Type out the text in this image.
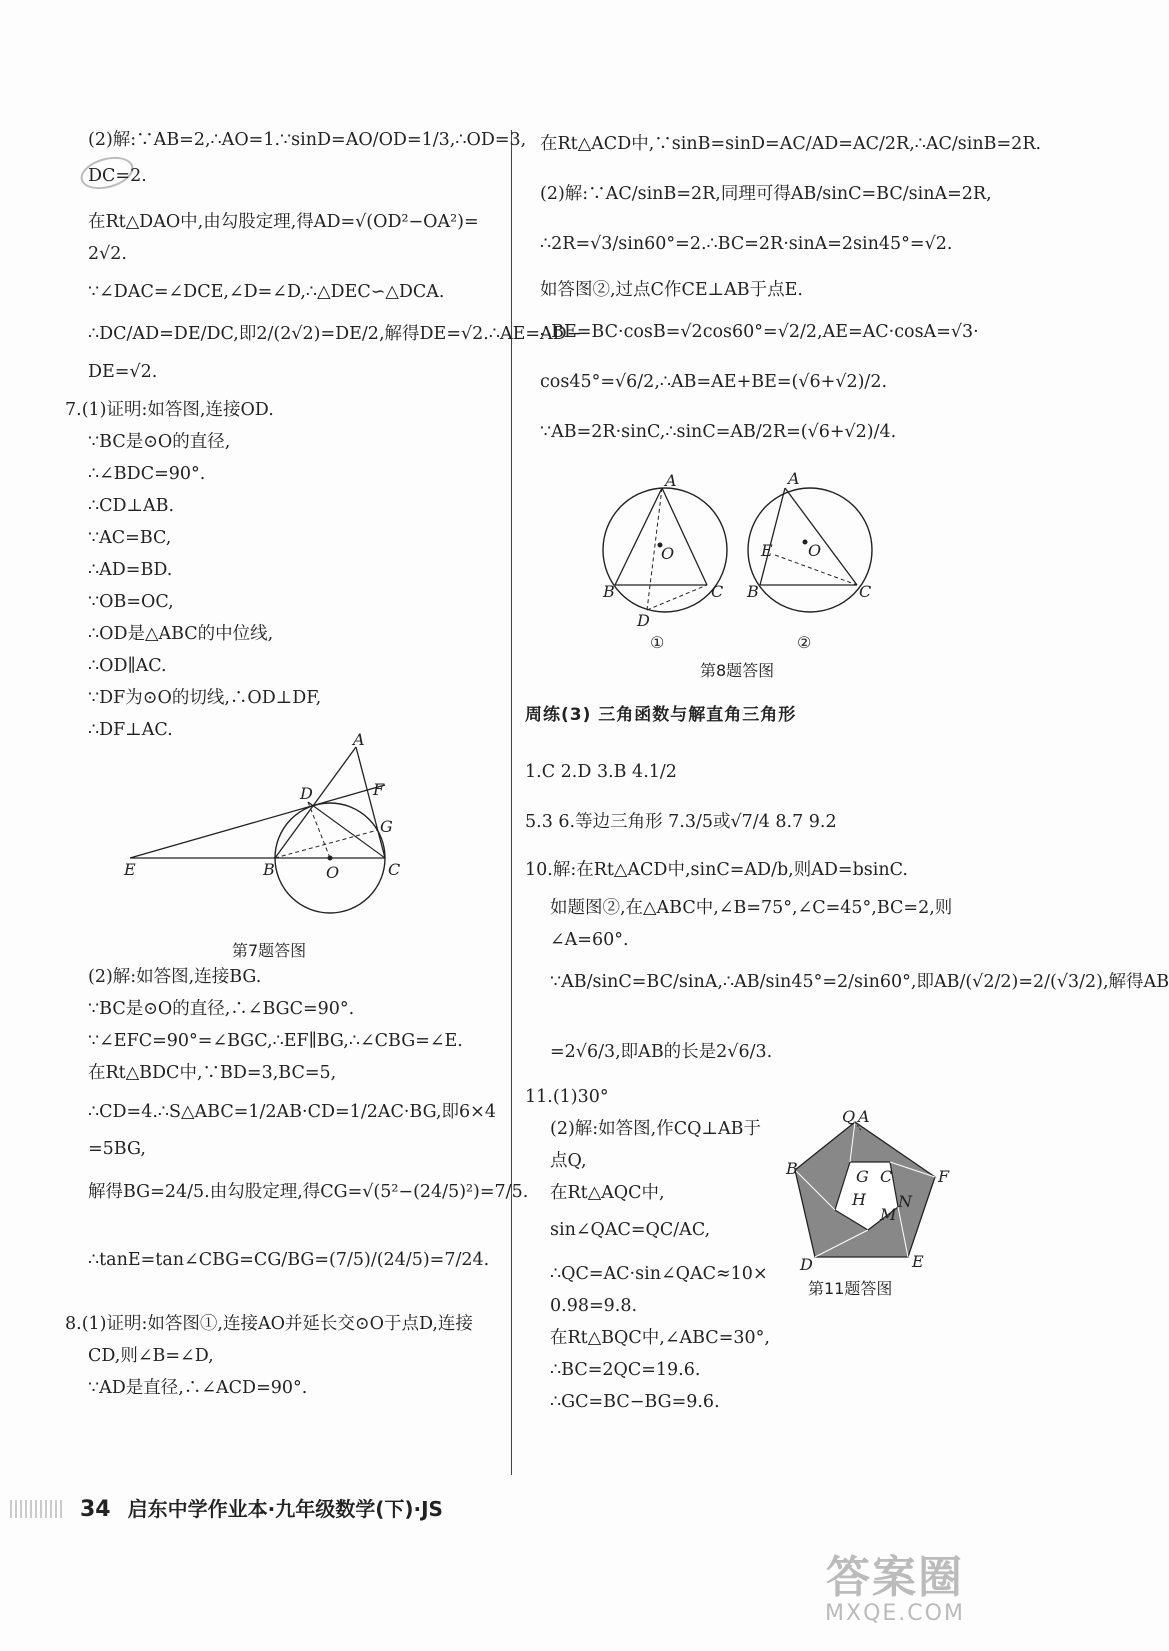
(2)解:∵AB=2,∴AO=1.∵sinD=AO/OD=1/3,∴OD=3,
DC=2.
在Rt△DAO中,由勾股定理,得AD=√(OD²−OA²)=
2√2.
∵∠DAC=∠DCE,∠D=∠D,∴△DEC∽△DCA.
∴DC/AD=DE/DC,即2/(2√2)=DE/2,解得DE=√2.∴AE=AD−
DE=√2.
7.(1)证明:如答图,连接OD.
∵BC是⊙O的直径,
∴∠BDC=90°.
∴CD⊥AB.
∵AC=BC,
∴AD=BD.
∵OB=OC,
∴OD是△ABC的中位线,
∴OD∥AC.
∵DF为⊙O的切线,∴OD⊥DF,
∴DF⊥AC.	A
D	F
G
E	B	O	C
第7题答图
(2)解:如答图,连接BG.
∵BC是⊙O的直径,∴∠BGC=90°.
∵∠EFC=90°=∠BGC,∴EF∥BG,∴∠CBG=∠E.
在Rt△BDC中,∵BD=3,BC=5,
∴CD=4.∴S△ABC=1/2AB·CD=1/2AC·BG,即6×4
=5BG,
解得BG=24/5.由勾股定理,得CG=√(5²−(24/5)²)=7/5.
∴tanE=tan∠CBG=CG/BG=(7/5)/(24/5)=7/24.
8.(1)证明:如答图①,连接AO并延长交⊙O于点D,连接
CD,则∠B=∠D,
∵AD是直径,∴∠ACD=90°.
在Rt△ACD中,∵sinB=sinD=AC/AD=AC/2R,∴AC/sinB=2R.
(2)解:∵AC/sinB=2R,同理可得AB/sinC=BC/sinA=2R,
∴2R=√3/sin60°=2.∴BC=2R·sinA=2sin45°=√2.
如答图②,过点C作CE⊥AB于点E.
∴BE=BC·cosB=√2cos60°=√2/2,AE=AC·cosA=√3·
cos45°=√6/2,∴AB=AE+BE=(√6+√2)/2.
∵AB=2R·sinC,∴sinC=AB/2R=(√6+√2)/4.
A
O
B	C
D
①
A
O
E
B	C
②
第8题答图
周练(3) 三角函数与解直角三角形
1.C 2.D 3.B 4.1/2
5.3 6.等边三角形 7.3/5或√7/4 8.7 9.2
10.解:在Rt△ACD中,sinC=AD/b,则AD=bsinC.
如题图②,在△ABC中,∠B=75°,∠C=45°,BC=2,则
∠A=60°.
∵AB/sinC=BC/sinA,∴AB/sin45°=2/sin60°,即AB/(√2/2)=2/(√3/2),解得AB
=2√6/3,即AB的长是2√6/3.
11.(1)30°
(2)解:如答图,作CQ⊥AB于
点Q,
在Rt△AQC中,
sin∠QAC=QC/AC,
∴QC=AC·sin∠QAC≈10×
0.98=9.8.
在Rt△BQC中,∠ABC=30°,
∴BC=2QC=19.6.
∴GC=BC−BG=9.6.
Q A
B	F
G C
H N
M
D	E
第11题答图
34 启东中学作业本·九年级数学(下)·JS
答案圈
MXQE.COM
